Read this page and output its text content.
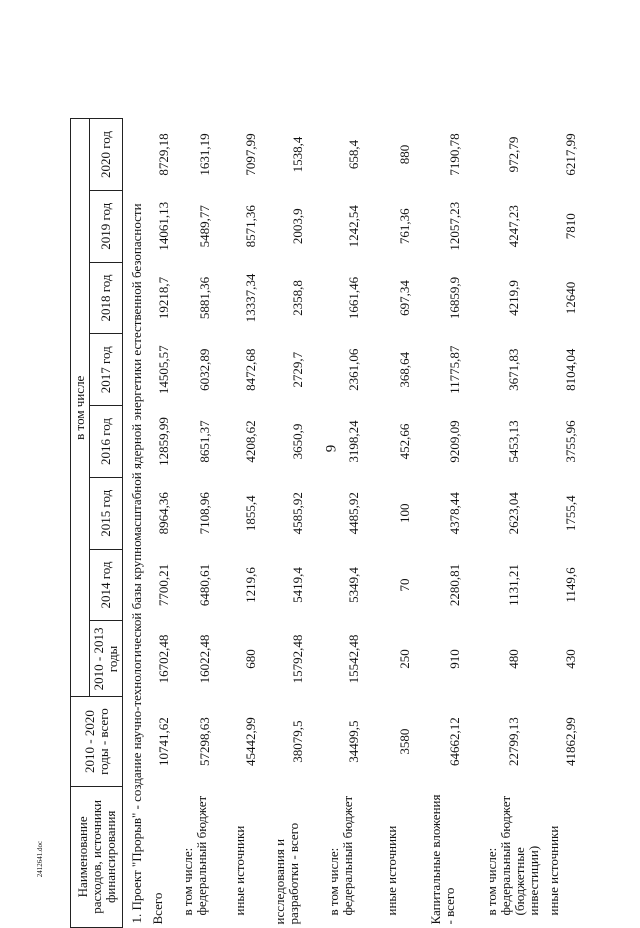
9
Наименование расходов, источники финансирования	2010 - 2020 годы - всего	в том числе							
		2010 - 2013 годы	2014 год	2015 год	2016 год	2017 год	2018 год	2019 год	2020 год
1. Проект "Прорыв" - создание научно-технологической базы крупномасштабной ядерной энергетики естественной безопасности									
Всего	10741,62	16702,48	7700,21	8964,36	12859,99	14505,57	19218,7	14061,13	8729,18
в том числе: федеральный бюджет	57298,63	16022,48	6480,61	7108,96	8651,37	6032,89	5881,36	5489,77	1631,19
иные источники	45442,99	680	1219,6	1855,4	4208,62	8472,68	13337,34	8571,36	7097,99
исследования и разработки - всего	38079,5	15792,48	5419,4	4585,92	3650,9	2729,7	2358,8	2003,9	1538,4
в том числе: федеральный бюджет	34499,5	15542,48	5349,4	4485,92	3198,24	2361,06	1661,46	1242,54	658,4
иные источники	3580	250	70	100	452,66	368,64	697,34	761,36	880
Капитальные вложения - всего	64662,12	910	2280,81	4378,44	9209,09	11775,87	16859,9	12057,23	7190,78
в том числе: федеральный бюджет (бюджетные инвестиции)	22799,13	480	1131,21	2623,04	5453,13	3671,83	4219,9	4247,23	972,79
иные источники	41862,99	430	1149,6	1755,4	3755,96	8104,04	12640	7810	6217,99
2412641.doc
